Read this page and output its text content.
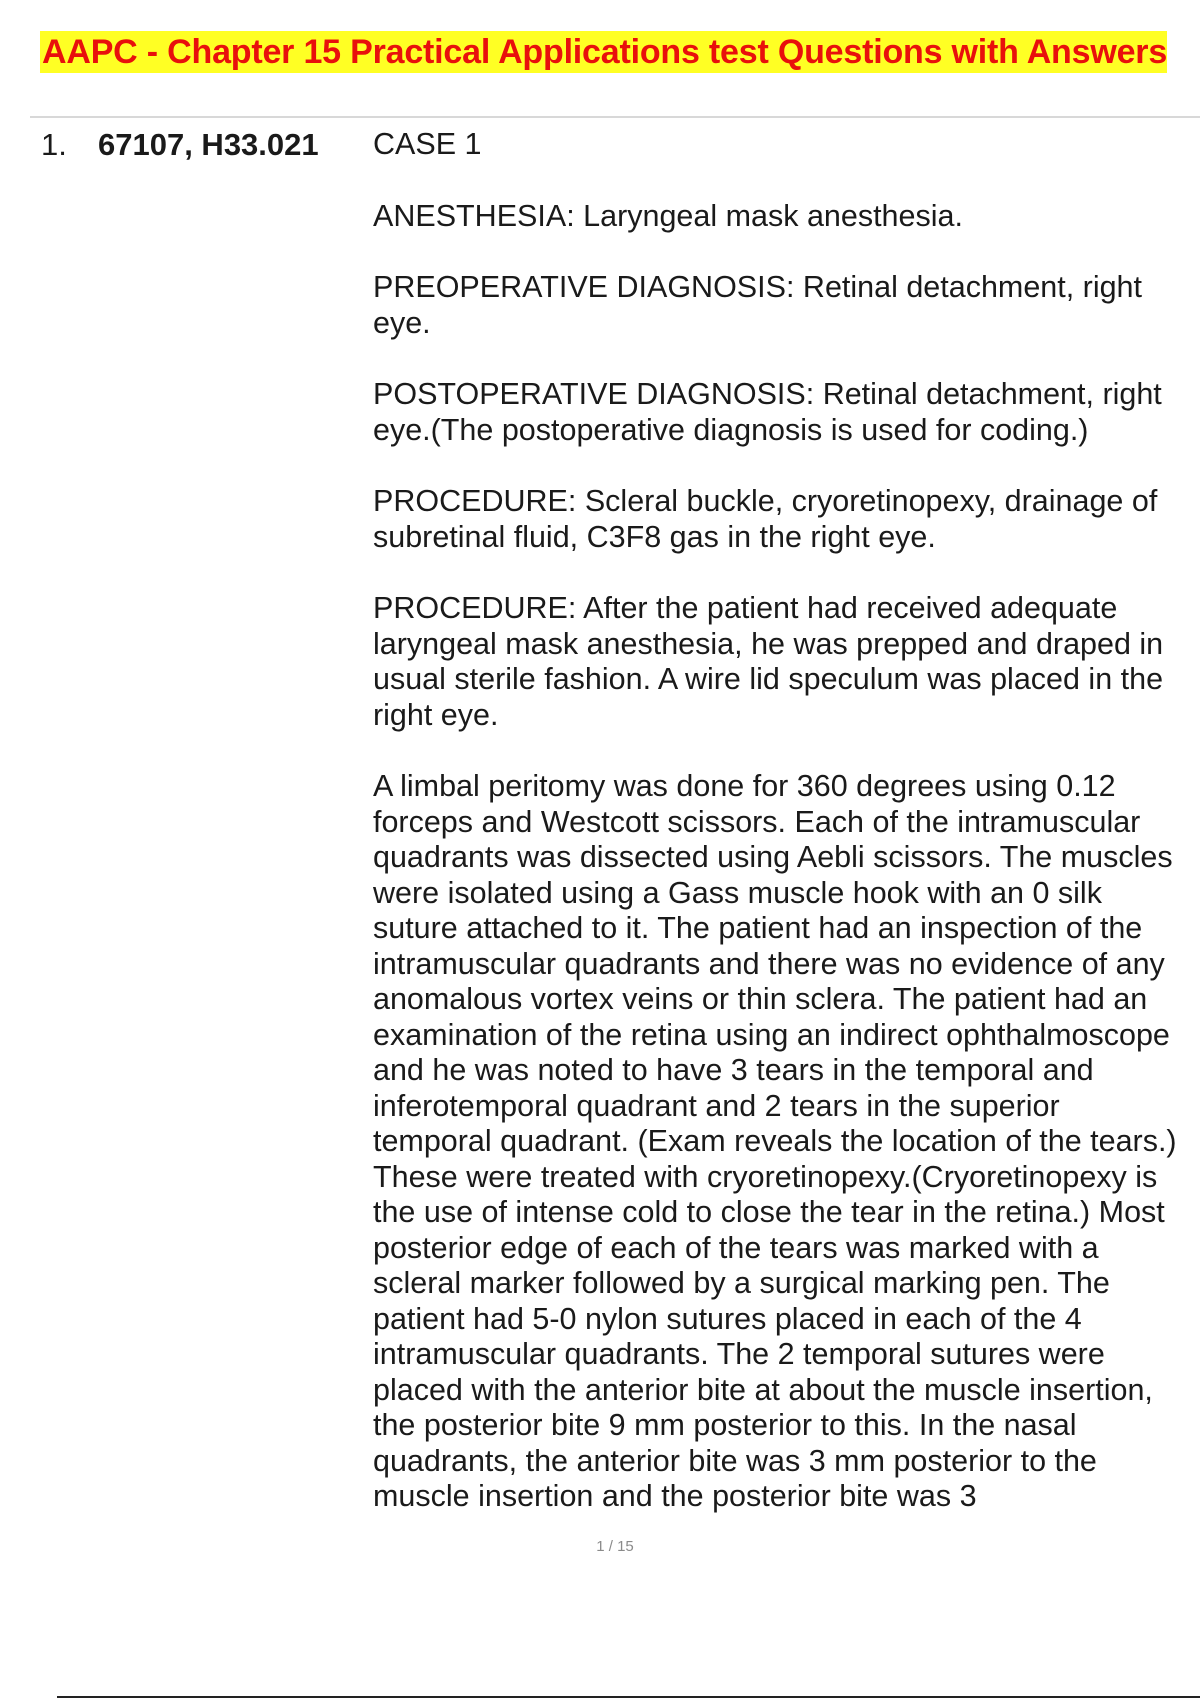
AAPC - Chapter 15 Practical Applications test Questions with Answers
1. 67107, H33.021 CASE 1

ANESTHESIA: Laryngeal mask anesthesia.

PREOPERATIVE DIAGNOSIS: Retinal detachment, right eye.

POSTOPERATIVE DIAGNOSIS: Retinal detachment, right eye.(The postoperative diagnosis is used for coding.)

PROCEDURE: Scleral buckle, cryoretinopexy, drainage of subretinal fluid, C3F8 gas in the right eye.

PROCEDURE: After the patient had received adequate laryngeal mask anesthesia, he was prepped and draped in usual sterile fashion. A wire lid speculum was placed in the right eye.

A limbal peritomy was done for 360 degrees using 0.12 forceps and Westcott scissors. Each of the intramuscular quadrants was dissected using Aebli scissors. The muscles were isolated using a Gass muscle hook with an 0 silk suture attached to it. The patient had an inspection of the intramuscular quadrants and there was no evidence of any anomalous vortex veins or thin sclera. The patient had an examination of the retina using an indirect ophthalmoscope and he was noted to have 3 tears in the temporal and inferotemporal quadrant and 2 tears in the superior temporal quadrant. (Exam reveals the location of the tears.) These were treated with cryoretinopexy.(Cryoretinopexy is the use of intense cold to close the tear in the retina.) Most posterior edge of each of the tears was marked with a scleral marker followed by a surgical marking pen. The patient had 5-0 nylon sutures placed in each of the 4 intramuscular quadrants. The 2 temporal sutures were placed with the anterior bite at about the muscle insertion, the posterior bite 9 mm posterior to this. In the nasal quadrants, the anterior bite was 3 mm posterior to the muscle insertion and the posterior bite was 3

1 / 15
